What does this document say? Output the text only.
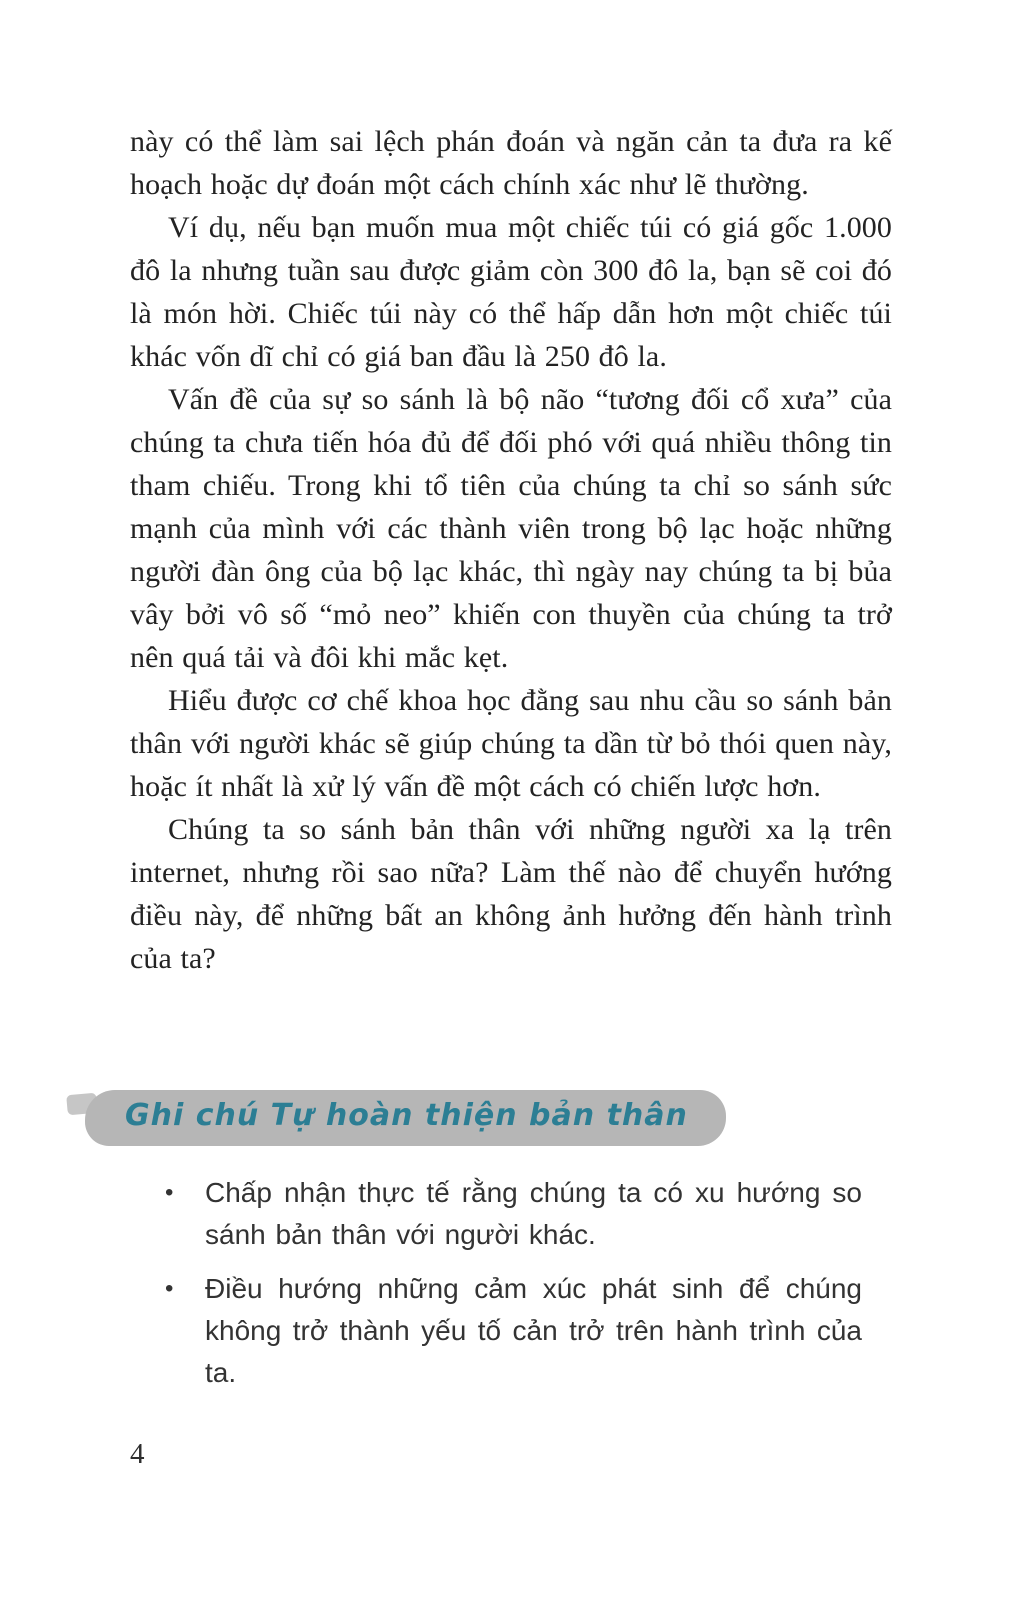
này có thể làm sai lệch phán đoán và ngăn cản ta đưa ra kế hoạch hoặc dự đoán một cách chính xác như lẽ thường.

Ví dụ, nếu bạn muốn mua một chiếc túi có giá gốc 1.000 đô la nhưng tuần sau được giảm còn 300 đô la, bạn sẽ coi đó là món hời. Chiếc túi này có thể hấp dẫn hơn một chiếc túi khác vốn dĩ chỉ có giá ban đầu là 250 đô la.

Vấn đề của sự so sánh là bộ não “tương đối cổ xưa” của chúng ta chưa tiến hóa đủ để đối phó với quá nhiều thông tin tham chiếu. Trong khi tổ tiên của chúng ta chỉ so sánh sức mạnh của mình với các thành viên trong bộ lạc hoặc những người đàn ông của bộ lạc khác, thì ngày nay chúng ta bị bủa vây bởi vô số “mỏ neo” khiến con thuyền của chúng ta trở nên quá tải và đôi khi mắc kẹt.

Hiểu được cơ chế khoa học đằng sau nhu cầu so sánh bản thân với người khác sẽ giúp chúng ta dần từ bỏ thói quen này, hoặc ít nhất là xử lý vấn đề một cách có chiến lược hơn.

Chúng ta so sánh bản thân với những người xa lạ trên internet, nhưng rồi sao nữa? Làm thế nào để chuyển hướng điều này, để những bất an không ảnh hưởng đến hành trình của ta?

Ghi chú Tự hoàn thiện bản thân
•	Chấp nhận thực tế rằng chúng ta có xu hướng so sánh bản thân với người khác.
•	Điều hướng những cảm xúc phát sinh để chúng không trở thành yếu tố cản trở trên hành trình của ta.
4
